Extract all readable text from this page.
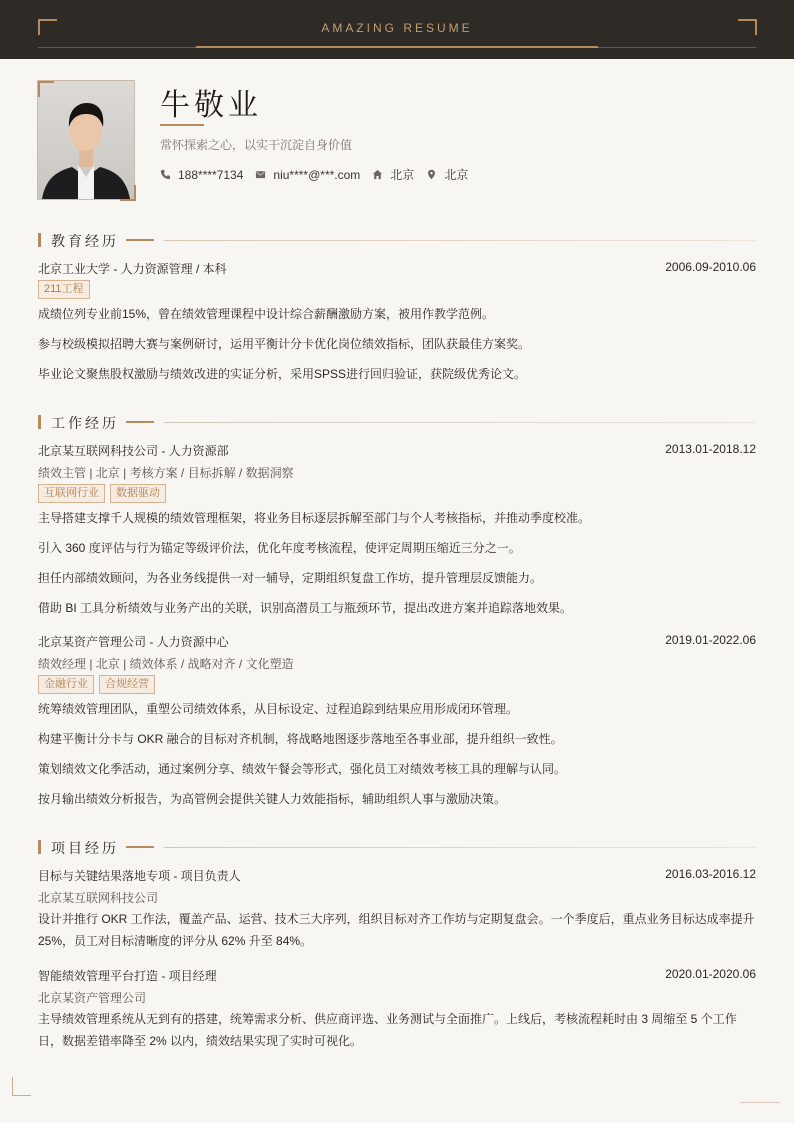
AMAZING RESUME
牛敬业
常怀探索之心，以实干沉淀自身价值
188****7134	niu****@***.com	北京	北京
教育经历
北京工业大学 - 人力资源管理 / 本科	2006.09-2010.06
211工程
成绩位列专业前15%，曾在绩效管理课程中设计综合薪酬激励方案，被用作教学范例。
参与校级模拟招聘大赛与案例研讨，运用平衡计分卡优化岗位绩效指标，团队获最佳方案奖。
毕业论文聚焦股权激励与绩效改进的实证分析，采用SPSS进行回归验证，获院级优秀论文。
工作经历
北京某互联网科技公司 - 人力资源部	2013.01-2018.12
绩效主管 | 北京 | 考核方案 / 目标拆解 / 数据洞察
互联网行业	数据驱动
主导搭建支撑千人规模的绩效管理框架，将业务目标逐层拆解至部门与个人考核指标，并推动季度校准。
引入 360 度评估与行为锚定等级评价法，优化年度考核流程，使评定周期压缩近三分之一。
担任内部绩效顾问，为各业务线提供一对一辅导，定期组织复盘工作坊，提升管理层反馈能力。
借助 BI 工具分析绩效与业务产出的关联，识别高潜员工与瓶颈环节，提出改进方案并追踪落地效果。
北京某资产管理公司 - 人力资源中心	2019.01-2022.06
绩效经理 | 北京 | 绩效体系 / 战略对齐 / 文化塑造
金融行业	合规经营
统筹绩效管理团队，重塑公司绩效体系，从目标设定、过程追踪到结果应用形成闭环管理。
构建平衡计分卡与 OKR 融合的目标对齐机制，将战略地图逐步落地至各事业部，提升组织一致性。
策划绩效文化季活动，通过案例分享、绩效午餐会等形式，强化员工对绩效考核工具的理解与认同。
按月输出绩效分析报告，为高管例会提供关键人力效能指标，辅助组织人事与激励决策。
项目经历
目标与关键结果落地专项 - 项目负责人	2016.03-2016.12
北京某互联网科技公司
设计并推行 OKR 工作法，覆盖产品、运营、技术三大序列，组织目标对齐工作坊与定期复盘会。一个季度后，重点业务目标达成率提升
25%，员工对目标清晰度的评分从 62% 升至 84%。
智能绩效管理平台打造 - 项目经理	2020.01-2020.06
北京某资产管理公司
主导绩效管理系统从无到有的搭建，统筹需求分析、供应商评选、业务测试与全面推广。上线后，考核流程耗时由 3 周缩至 5 个工作
日，数据差错率降至 2% 以内，绩效结果实现了实时可视化。
